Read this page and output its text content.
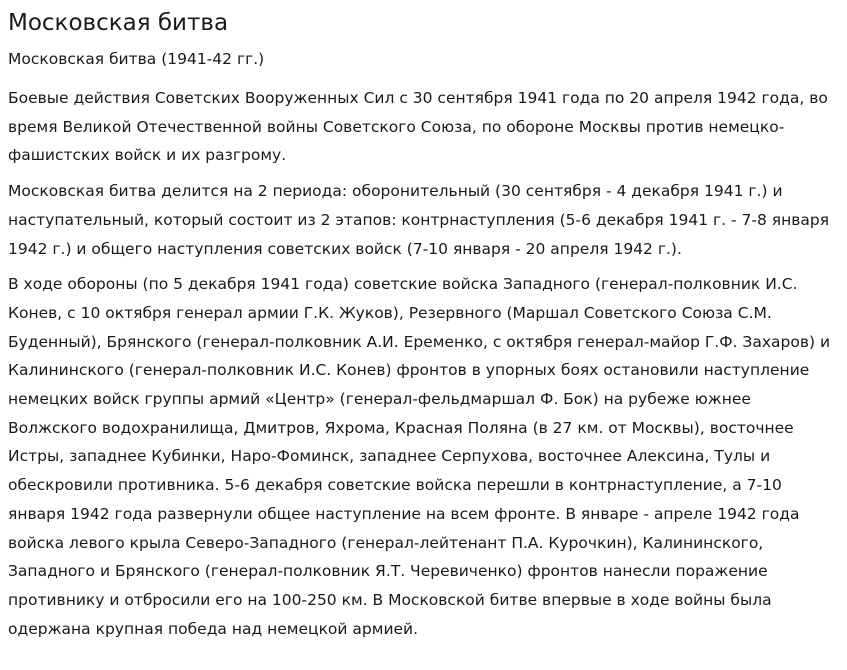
Московская битва
Московская битва (1941-42 гг.)

Боевые действия Советских Вооруженных Сил с 30 сентября 1941 года по 20 апреля 1942 года, во время Великой Отечественной войны Советского Союза, по обороне Москвы против немецко-фашистских войск и их разгрому.

Московская битва делится на 2 периода: оборонительный (30 сентября - 4 декабря 1941 г.) и наступательный, который состоит из 2 этапов: контрнаступления (5-6 декабря 1941 г. - 7-8 января 1942 г.) и общего наступления советских войск (7-10 января - 20 апреля 1942 г.).

В ходе обороны (по 5 декабря 1941 года) советские войска Западного (генерал-полковник И.С. Конев, с 10 октября генерал армии Г.К. Жуков), Резервного (Маршал Советского Союза С.М. Буденный), Брянского (генерал-полковник А.И. Еременко, с октября генерал-майор Г.Ф. Захаров) и Калининского (генерал-полковник И.С. Конев) фронтов в упорных боях остановили наступление немецких войск группы армий «Центр» (генерал-фельдмаршал Ф. Бок) на рубеже южнее Волжского водохранилища, Дмитров, Яхрома, Красная Поляна (в 27 км. от Москвы), восточнее Истры, западнее Кубинки, Наро-Фоминск, западнее Серпухова, восточнее Алексина, Тулы и обескровили противника. 5-6 декабря советские войска перешли в контрнаступление, а 7-10 января 1942 года развернули общее наступление на всем фронте. В январе - апреле 1942 года войска левого крыла Северо-Западного (генерал-лейтенант П.А. Курочкин), Калининского, Западного и Брянского (генерал-полковник Я.Т. Черевиченко) фронтов нанесли поражение противнику и отбросили его на 100-250 км. В Московской битве впервые в ходе войны была одержана крупная победа над немецкой армией.
